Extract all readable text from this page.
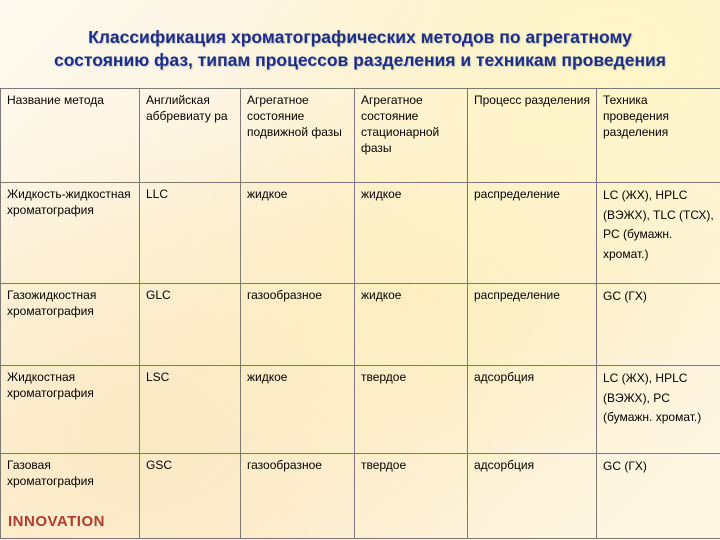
Классификация хроматографических методов по агрегатному
состоянию фаз, типам процессов разделения и техникам проведения
Название метода	Английская аббревиату ра	Агрегатное состояние подвижной фазы	Агрегатное состояние стационарной фазы	Процесс разделения	Техника проведения разделения
Жидкость-жидкостная хроматография	LLC	жидкое	жидкое	распределение	LC (ЖХ), HPLC (ВЭЖХ), TLC (ТСХ), PC (бумажн. хромат.)
Газожидкостная хроматография	GLC	газообразное	жидкое	распределение	GC (ГХ)
Жидкостная хроматография	LSC	жидкое	твердое	адсорбция	LC (ЖХ), HPLC (ВЭЖХ), PC (бумажн. хромат.)
Газовая хроматография	GSC	газообразное	твердое	адсорбция	GC (ГХ)
INNOVATION
